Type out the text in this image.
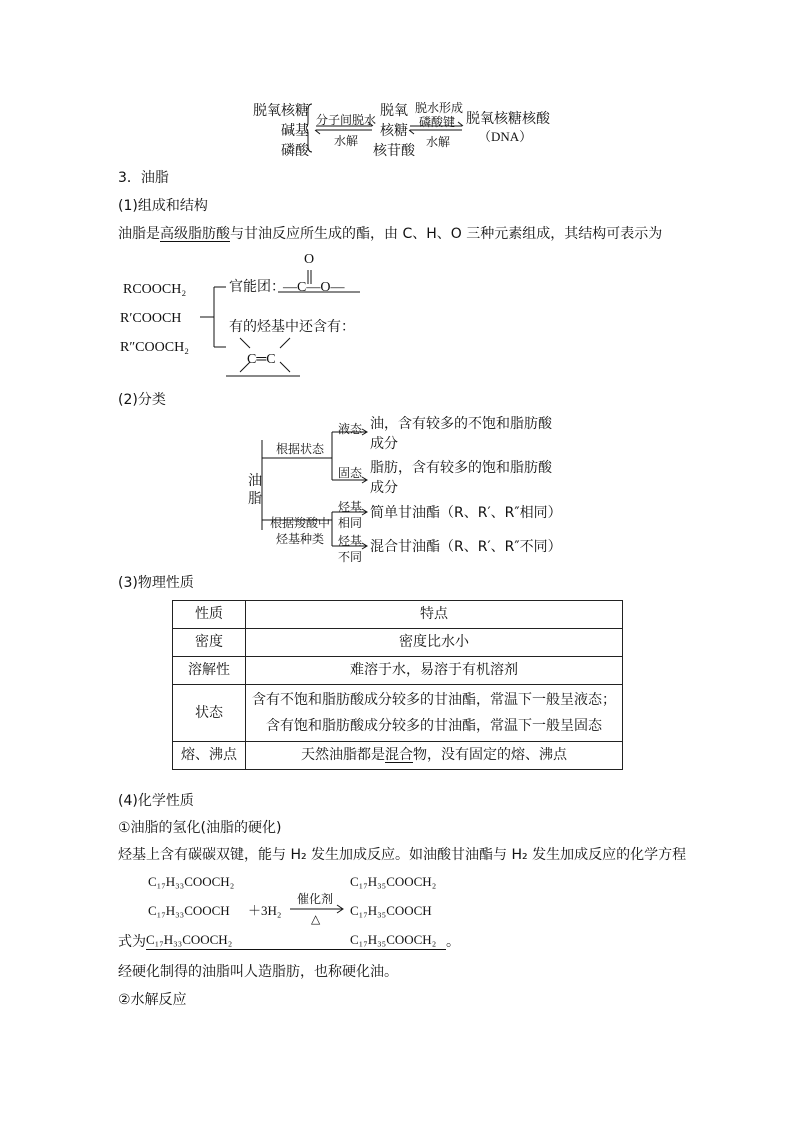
脱氧核糖
碱基
磷酸
分子间脱水
水解
脱氧
核糖
核苷酸
脱水形成
磷酸键
水解
脱氧核糖核酸
（DNA）
3．油脂
(1)组成和结构
油脂是高级脂肪酸与甘油反应所生成的酯，由 C、H、O 三种元素组成，其结构可表示为
RCOOCH₂
R′COOCH
R″COOCH₂
官能团：
O
—C—O—
有的烃基中还含有：
C═C
(2)分类
油脂
根据状态
根据羧酸中
烃基种类
液态 油，含有较多的不饱和脂肪酸
成分
固态 脂肪，含有较多的饱和脂肪酸
成分
烃基
相同
简单甘油酯（R、R′、R″相同）
烃基
不同
混合甘油酯（R、R′、R″不同）
(3)物理性质
性质	特点
密度	密度比水小
溶解性	难溶于水，易溶于有机溶剂
状态	含有不饱和脂肪酸成分较多的甘油酯，常温下一般呈液态；
含有饱和脂肪酸成分较多的甘油酯，常温下一般呈固态

熔、沸点	天然油脂都是混合物，没有固定的熔、沸点
(4)化学性质
①油脂的氢化(油脂的硬化)
烃基上含有碳碳双键，能与 H₂ 发生加成反应。如油酸甘油酯与 H₂ 发生加成反应的化学方程
C₁₇H₃₃COOCH₂
C₁₇H₃₃COOCH
C₁₇H₃₃COOCH₂
＋3H₂
催化剂
△
C₁₇H₃₅COOCH₂
C₁₇H₃₅COOCH
C₁₇H₃₅COOCH₂
式为	。
经硬化制得的油脂叫人造脂肪，也称硬化油。
②水解反应
